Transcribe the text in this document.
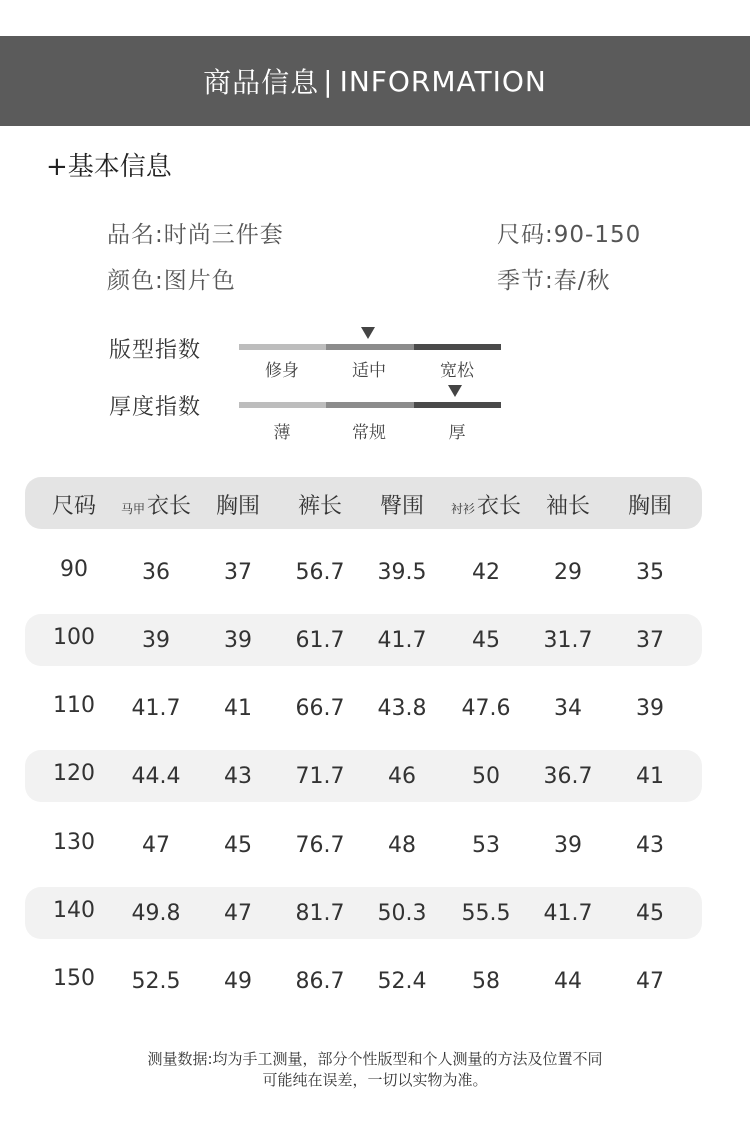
商品信息 | INFORMATION
+基本信息
品名:时尚三件套	尺码:90-150
颜色:图片色	季节:春/秋
版型指数
修身	适中	宽松
厚度指数
薄	常规	厚
尺码	马甲衣长	胸围	裤长	臀围	衬衫衣长	袖长	胸围
90	36	37	56.7	39.5	42	29	35
100	39	39	61.7	41.7	45	31.7	37
110	41.7	41	66.7	43.8	47.6	34	39
120	44.4	43	71.7	46	50	36.7	41
130	47	45	76.7	48	53	39	43
140	49.8	47	81.7	50.3	55.5	41.7	45
150	52.5	49	86.7	52.4	58	44	47
测量数据:均为手工测量，部分个性版型和个人测量的方法及位置不同
可能纯在误差，一切以实物为准。
